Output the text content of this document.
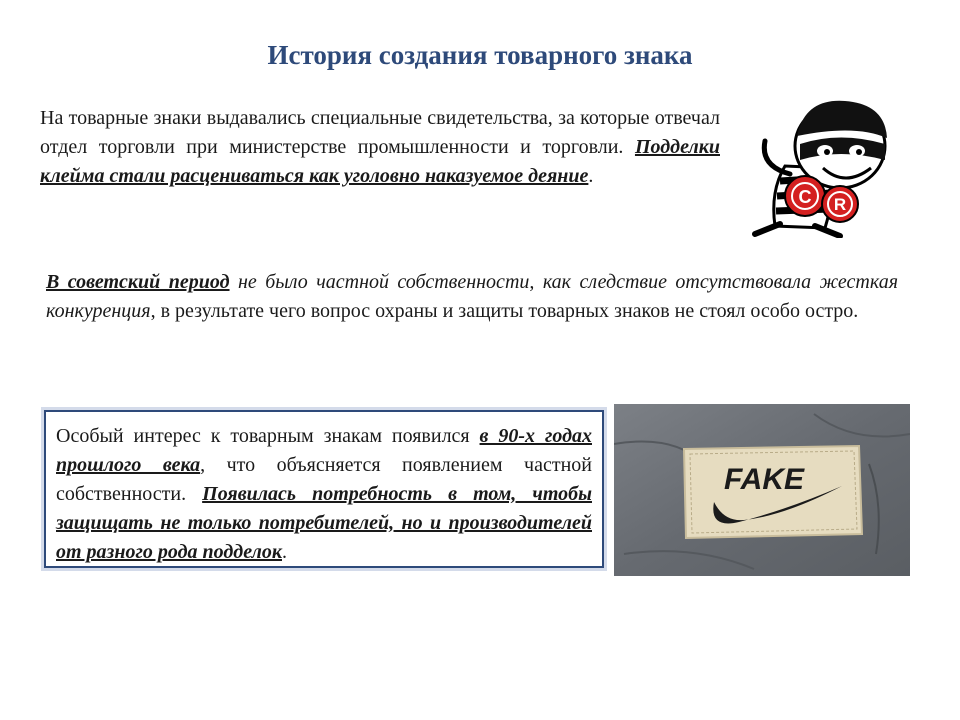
История создания товарного знака
На товарные знаки выдавались специальные свидетельства, за которые отвечал отдел торговли при министерстве промышленности и торговли. Подделки клейма стали расцениваться как уголовно наказуемое деяние.
C R
В советский период не было частной собственности, как следствие отсутствовала жесткая конкуренция, в результате чего вопрос охраны и защиты товарных знаков не стоял особо остро.
Особый интерес к товарным знакам появился в 90-х годах прошлого века, что объясняется появлением частной собственности. Появилась потребность в том, чтобы защищать не только потребителей, но и производителей от разного рода подделок.
FAKE
